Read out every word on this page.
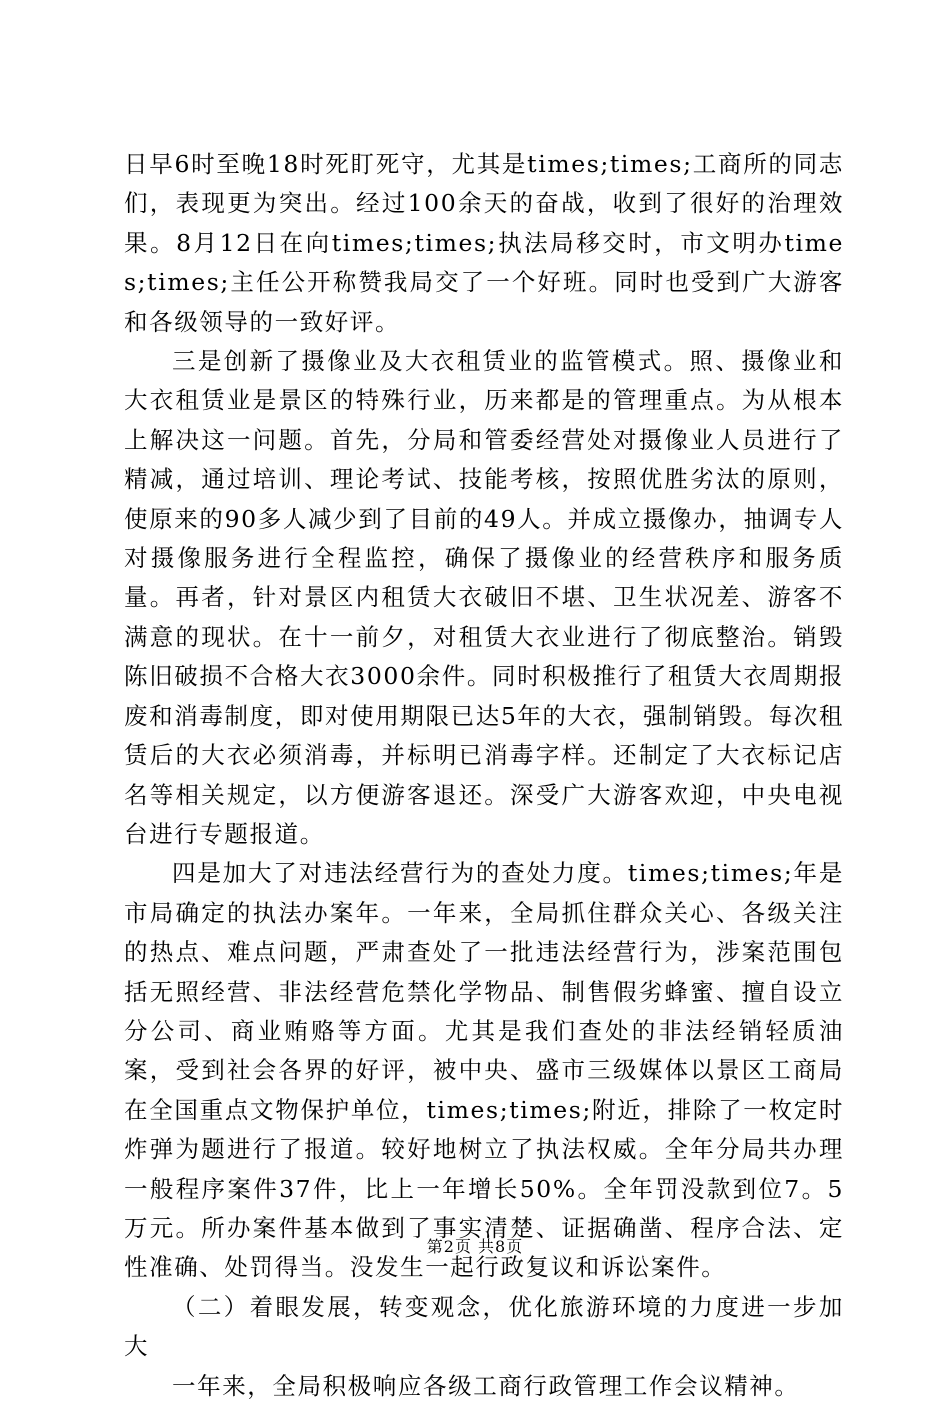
日早6时至晚18时死盯死守，尤其是times;times;工商所的同志们，表现更为突出。经过100余天的奋战，收到了很好的治理效果。8月12日在向times;times;执法局移交时，市文明办times;times;主任公开称赞我局交了一个好班。同时也受到广大游客和各级领导的一致好评。

三是创新了摄像业及大衣租赁业的监管模式。照、摄像业和大衣租赁业是景区的特殊行业，历来都是的管理重点。为从根本上解决这一问题。首先，分局和管委经营处对摄像业人员进行了精减，通过培训、理论考试、技能考核，按照优胜劣汰的原则，使原来的90多人减少到了目前的49人。并成立摄像办，抽调专人对摄像服务进行全程监控，确保了摄像业的经营秩序和服务质量。再者，针对景区内租赁大衣破旧不堪、卫生状况差、游客不满意的现状。在十一前夕，对租赁大衣业进行了彻底整治。销毁陈旧破损不合格大衣3000余件。同时积极推行了租赁大衣周期报废和消毒制度，即对使用期限已达5年的大衣，强制销毁。每次租赁后的大衣必须消毒，并标明已消毒字样。还制定了大衣标记店名等相关规定，以方便游客退还。深受广大游客欢迎，中央电视台进行专题报道。

四是加大了对违法经营行为的查处力度。times;times;年是市局确定的执法办案年。一年来，全局抓住群众关心、各级关注的热点、难点问题，严肃查处了一批违法经营行为，涉案范围包括无照经营、非法经营危禁化学物品、制售假劣蜂蜜、擅自设立分公司、商业贿赂等方面。尤其是我们查处的非法经销轻质油案，受到社会各界的好评，被中央、盛市三级媒体以景区工商局在全国重点文物保护单位，times;times;附近，排除了一枚定时炸弹为题进行了报道。较好地树立了执法权威。全年分局共办理一般程序案件37件，比上一年增长50%。全年罚没款到位7。5万元。所办案件基本做到了事实清楚、证据确凿、程序合法、定性准确、处罚得当。没发生一起行政复议和诉讼案件。

（二）着眼发展，转变观念，优化旅游环境的力度进一步加大

一年来，全局积极响应各级工商行政管理工作会议精神。

第2页 共8页
